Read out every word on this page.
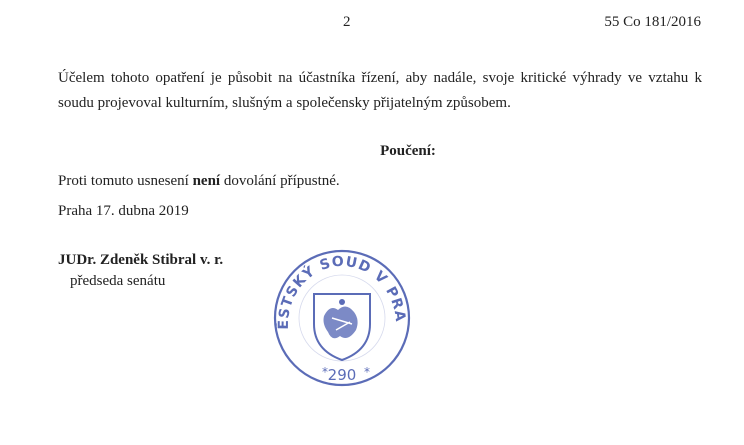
2	55 Co 181/2016
Účelem tohoto opatření je působit na účastníka řízení, aby nadále, svoje kritické výhrady ve vztahu k soudu projevoval kulturním, slušným a společensky přijatelným způsobem.
Poučení:
Proti tomuto usnesení není dovolání přípustné.
Praha 17. dubna 2019
JUDr. Zdeněk Stibral v. r.
předseda senátu
ĚSTSKÝ SOUD V PRA
*	*
290
